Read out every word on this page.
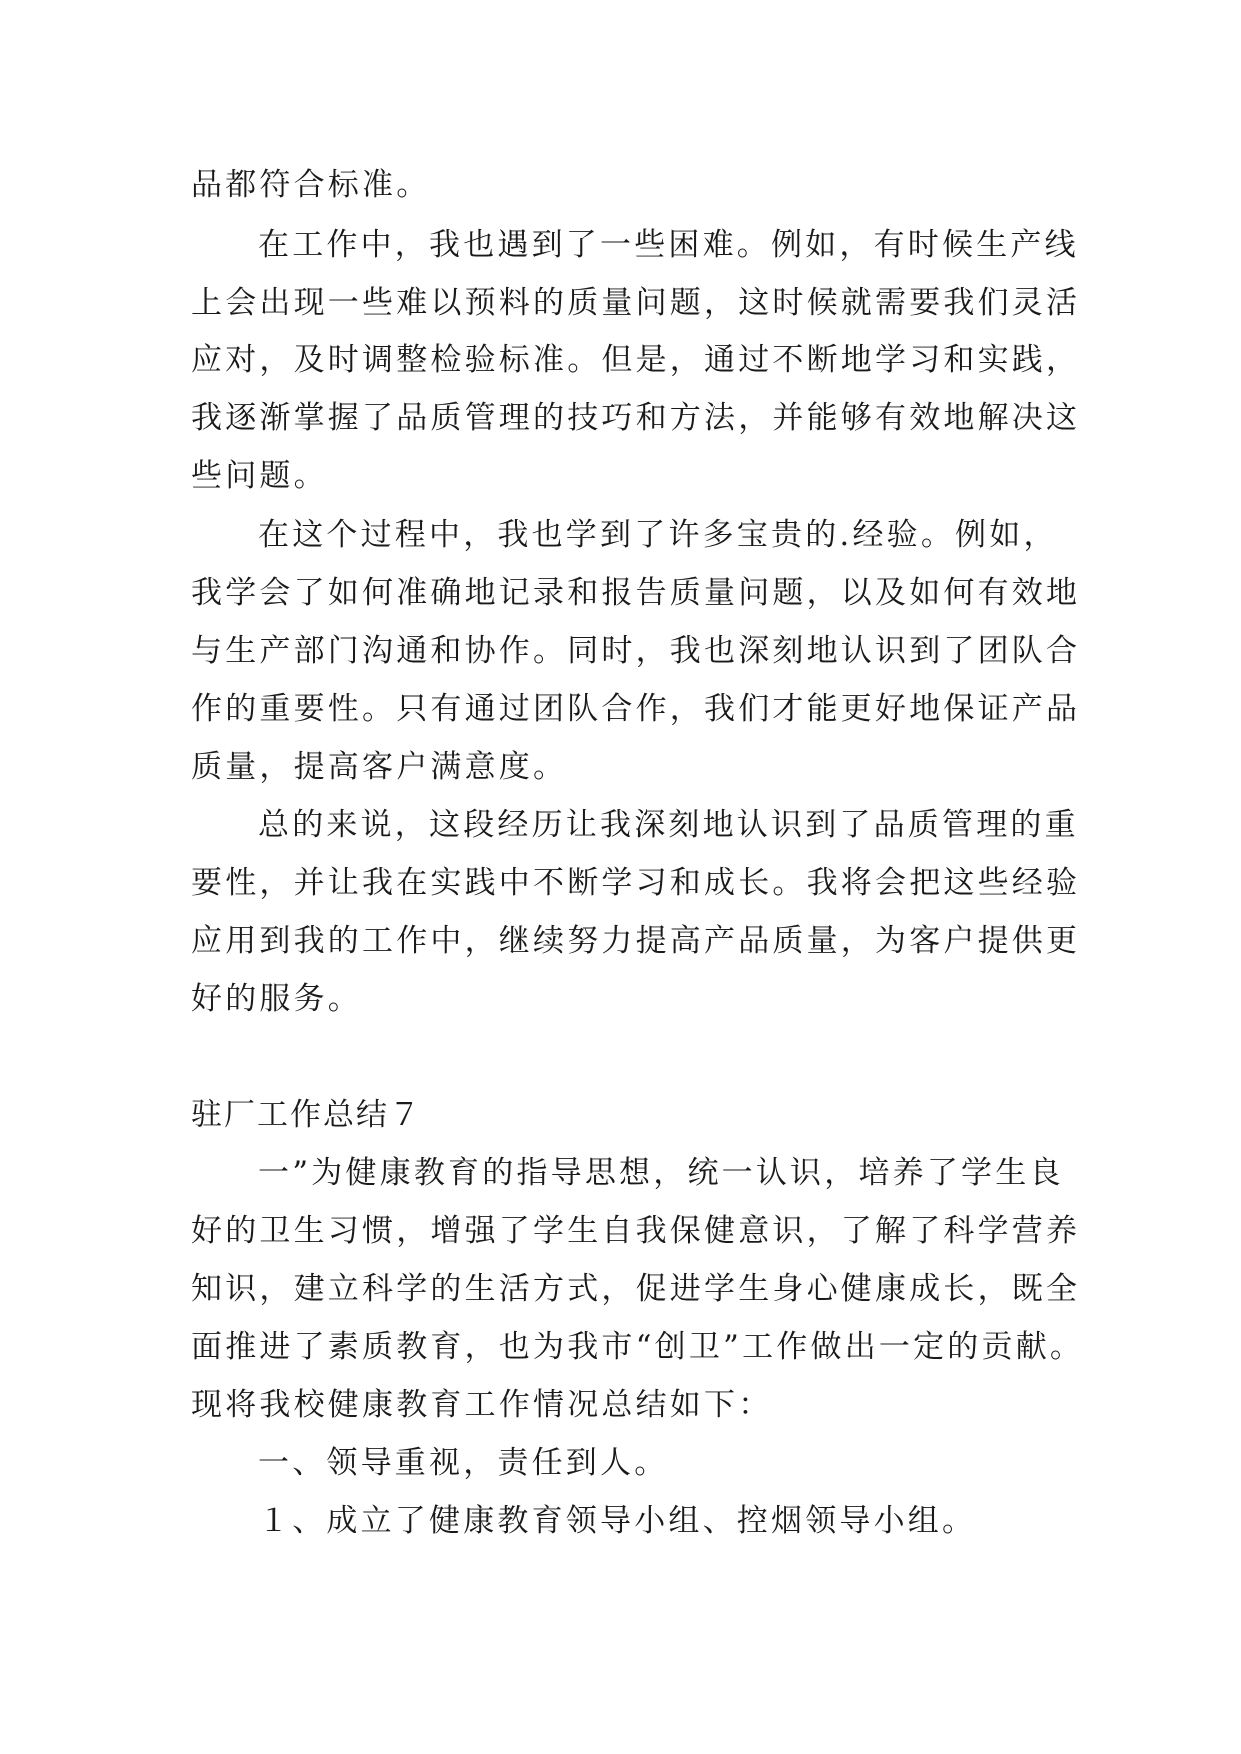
品都符合标准。
在工作中，我也遇到了一些困难。例如，有时候生产线
上会出现一些难以预料的质量问题，这时候就需要我们灵活
应对，及时调整检验标准。但是，通过不断地学习和实践，
我逐渐掌握了品质管理的技巧和方法，并能够有效地解决这
些问题。
在这个过程中，我也学到了许多宝贵的.经验。例如，
我学会了如何准确地记录和报告质量问题，以及如何有效地
与生产部门沟通和协作。同时，我也深刻地认识到了团队合
作的重要性。只有通过团队合作，我们才能更好地保证产品
质量，提高客户满意度。
总的来说，这段经历让我深刻地认识到了品质管理的重
要性，并让我在实践中不断学习和成长。我将会把这些经验
应用到我的工作中，继续努力提高产品质量，为客户提供更
好的服务。
驻厂工作总结７
一”为健康教育的指导思想，统一认识，培养了学生良
好的卫生习惯，增强了学生自我保健意识，了解了科学营养
知识，建立科学的生活方式，促进学生身心健康成长，既全
面推进了素质教育，也为我市“创卫”工作做出一定的贡献。
现将我校健康教育工作情况总结如下：
一、领导重视，责任到人。
１、成立了健康教育领导小组、控烟领导小组。
